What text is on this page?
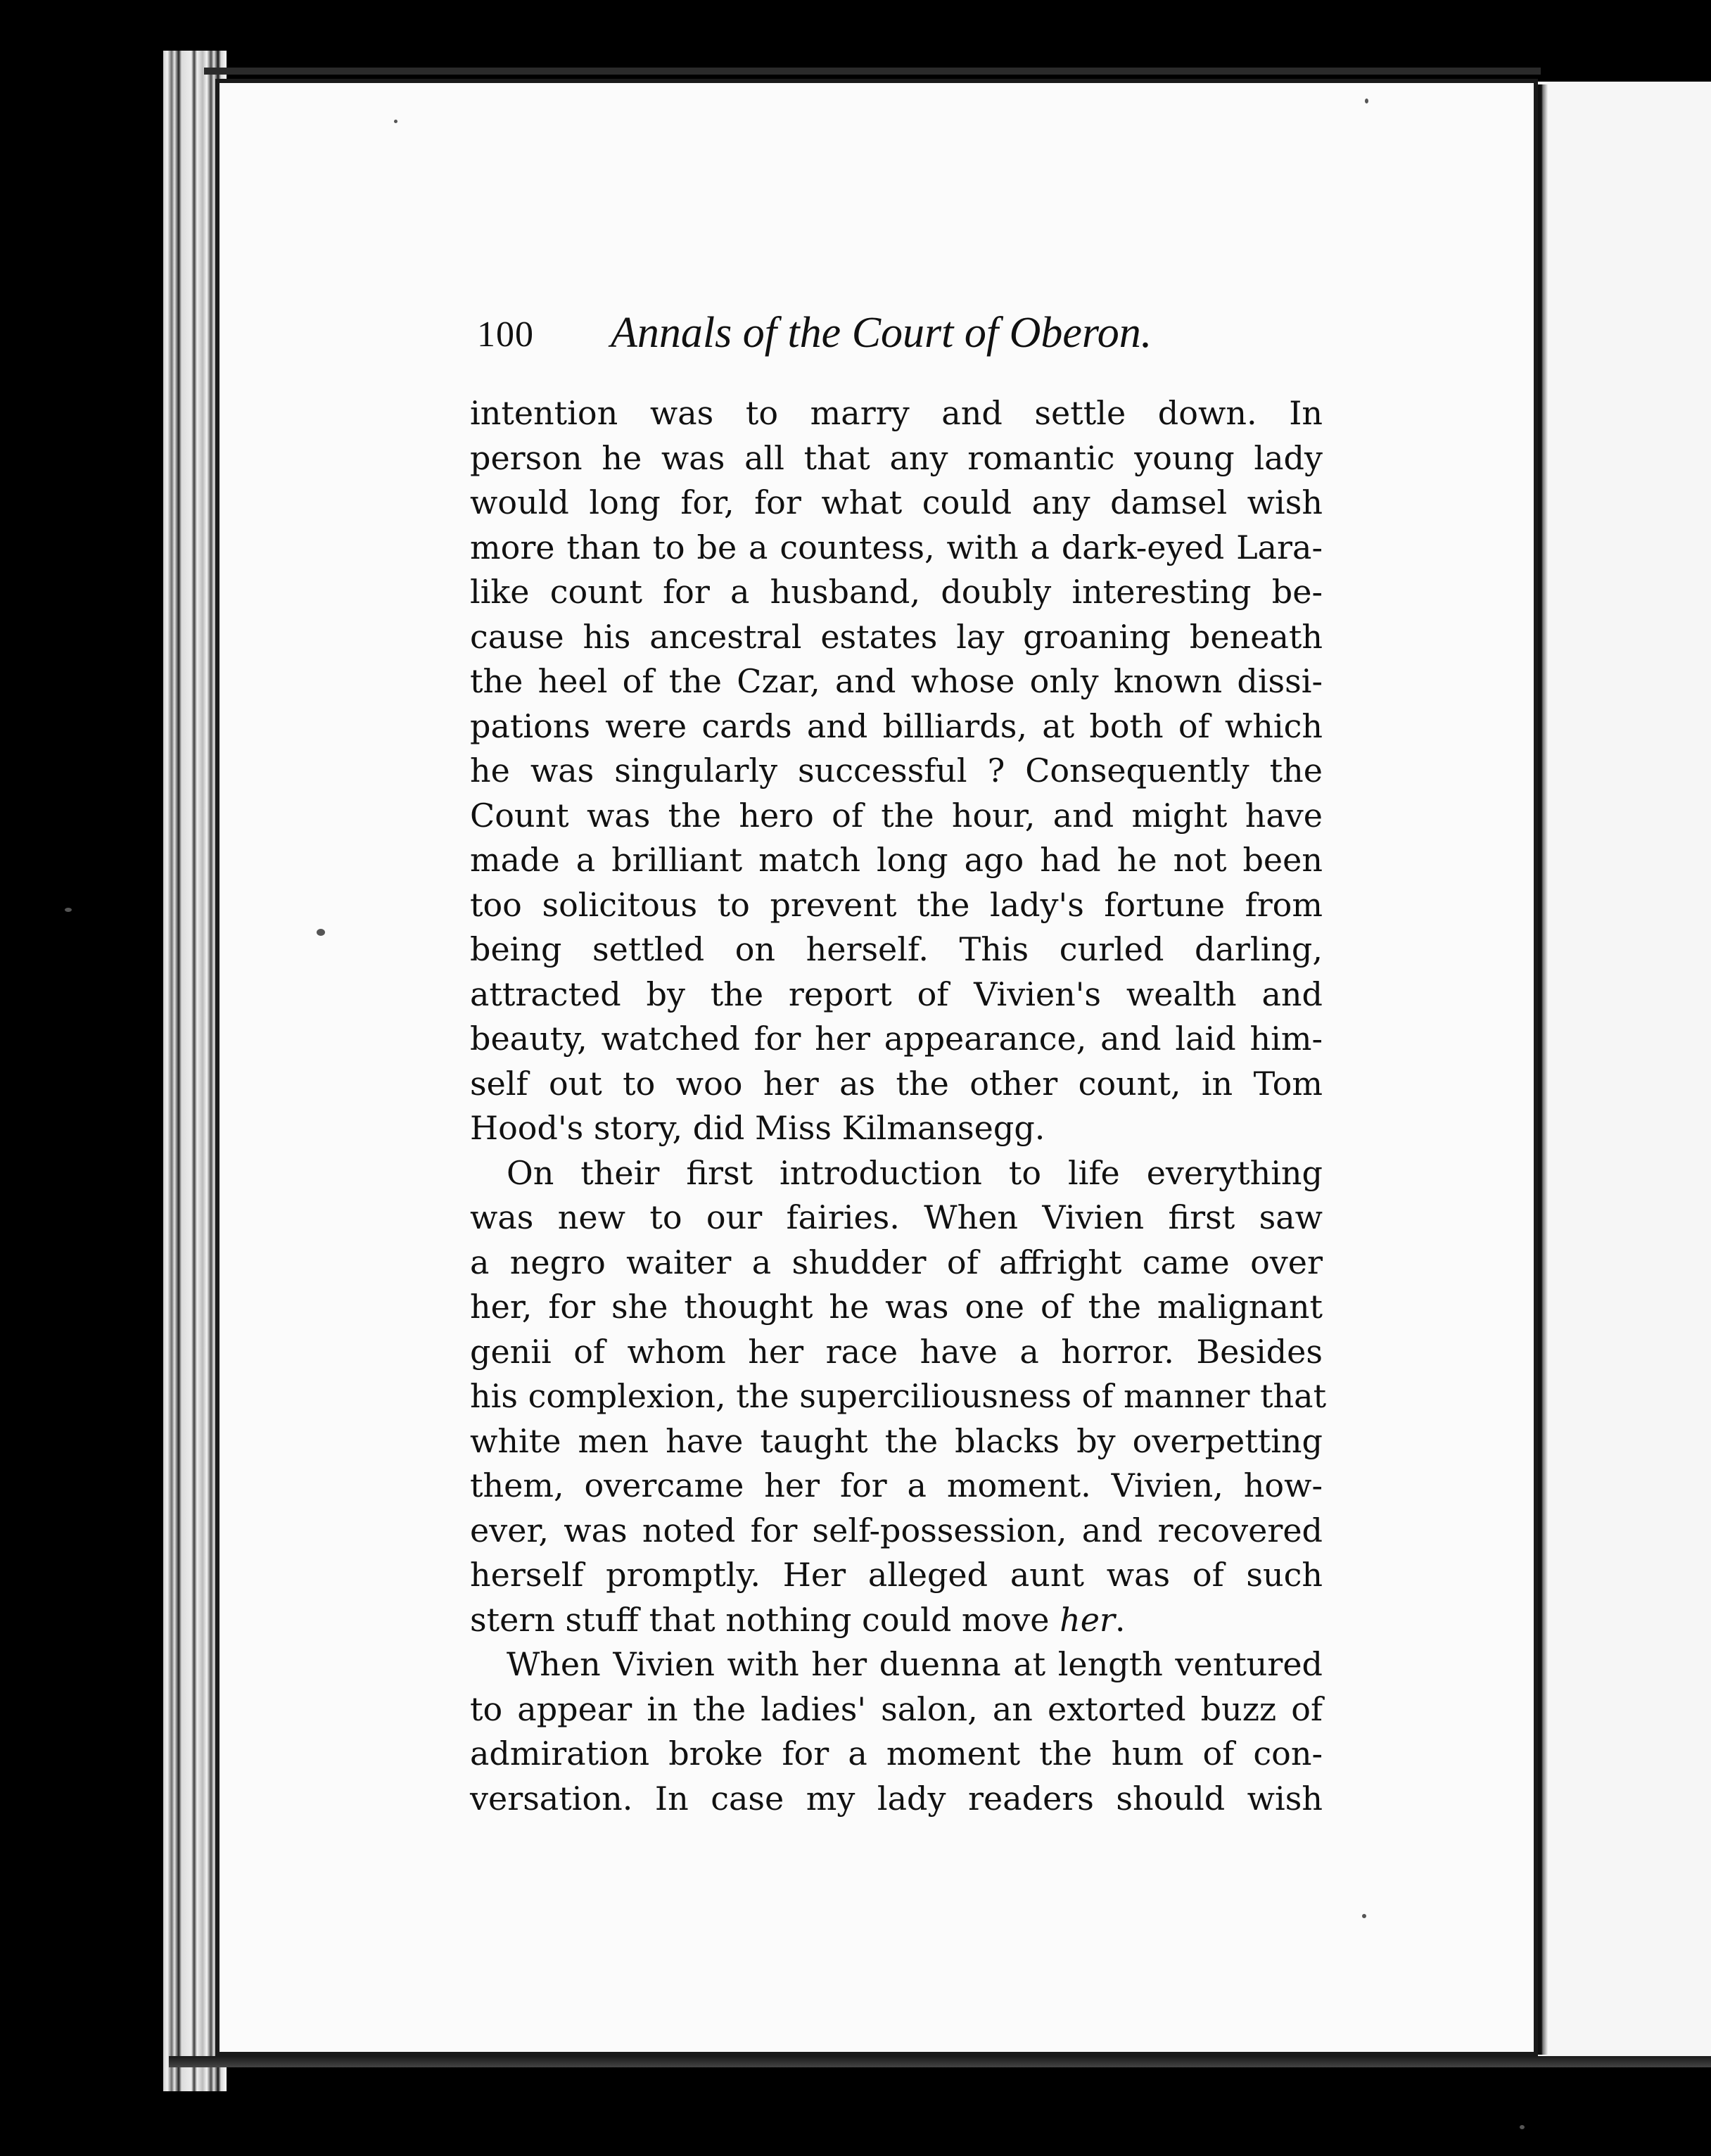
100 Annals of the Court of Oberon.
intention was to marry and settle down. In
person he was all that any romantic young lady
would long for, for what could any damsel wish
more than to be a countess, with a dark-eyed Lara-
like count for a husband, doubly interesting be-
cause his ancestral estates lay groaning beneath
the heel of the Czar, and whose only known dissi-
pations were cards and billiards, at both of which
he was singularly successful ? Consequently the
Count was the hero of the hour, and might have
made a brilliant match long ago had he not been
too solicitous to prevent the lady's fortune from
being settled on herself. This curled darling,
attracted by the report of Vivien's wealth and
beauty, watched for her appearance, and laid him-
self out to woo her as the other count, in Tom
Hood's story, did Miss Kilmansegg.
On their first introduction to life everything
was new to our fairies. When Vivien first saw
a negro waiter a shudder of affright came over
her, for she thought he was one of the malignant
genii of whom her race have a horror. Besides
his complexion, the superciliousness of manner that
white men have taught the blacks by overpetting
them, overcame her for a moment. Vivien, how-
ever, was noted for self-possession, and recovered
herself promptly. Her alleged aunt was of such
stern stuff that nothing could move her.
When Vivien with her duenna at length ventured
to appear in the ladies' salon, an extorted buzz of
admiration broke for a moment the hum of con-
versation. In case my lady readers should wish
